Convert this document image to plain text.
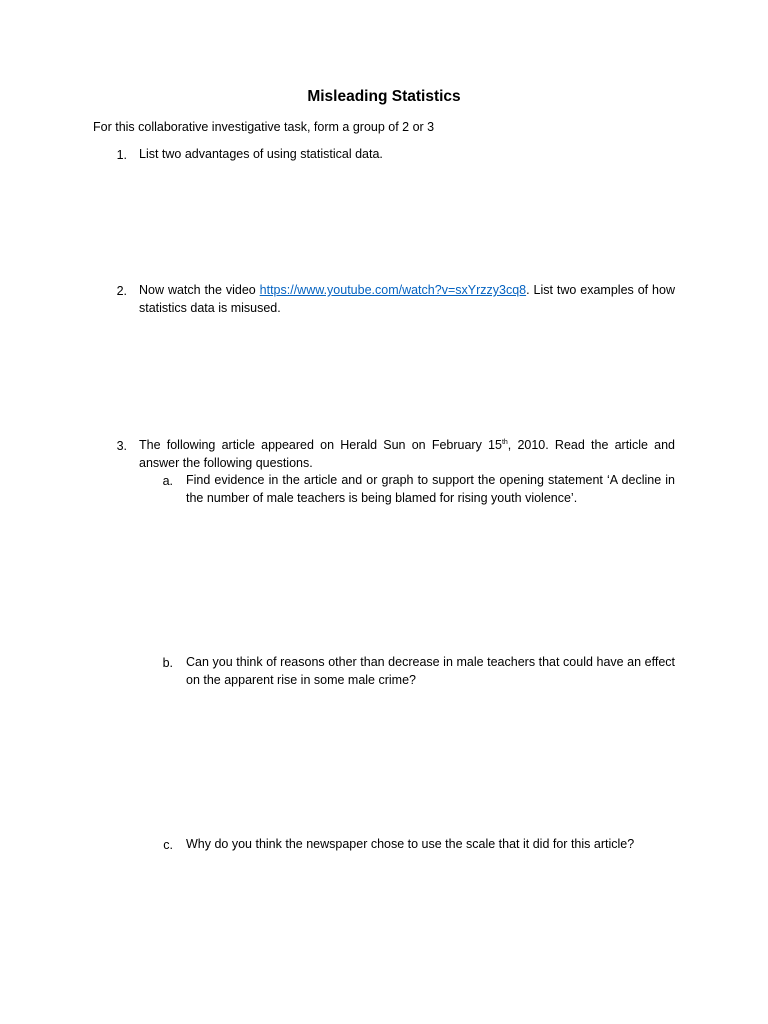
Misleading Statistics
For this collaborative investigative task, form a group of 2 or 3
1. List two advantages of using statistical data.
2. Now watch the video https://www.youtube.com/watch?v=sxYrzzy3cq8. List two examples of how statistics data is misused.
3. The following article appeared on Herald Sun on February 15th, 2010. Read the article and answer the following questions.
a. Find evidence in the article and or graph to support the opening statement ‘A decline in the number of male teachers is being blamed for rising youth violence’.
b. Can you think of reasons other than decrease in male teachers that could have an effect on the apparent rise in some male crime?
c. Why do you think the newspaper chose to use the scale that it did for this article?
